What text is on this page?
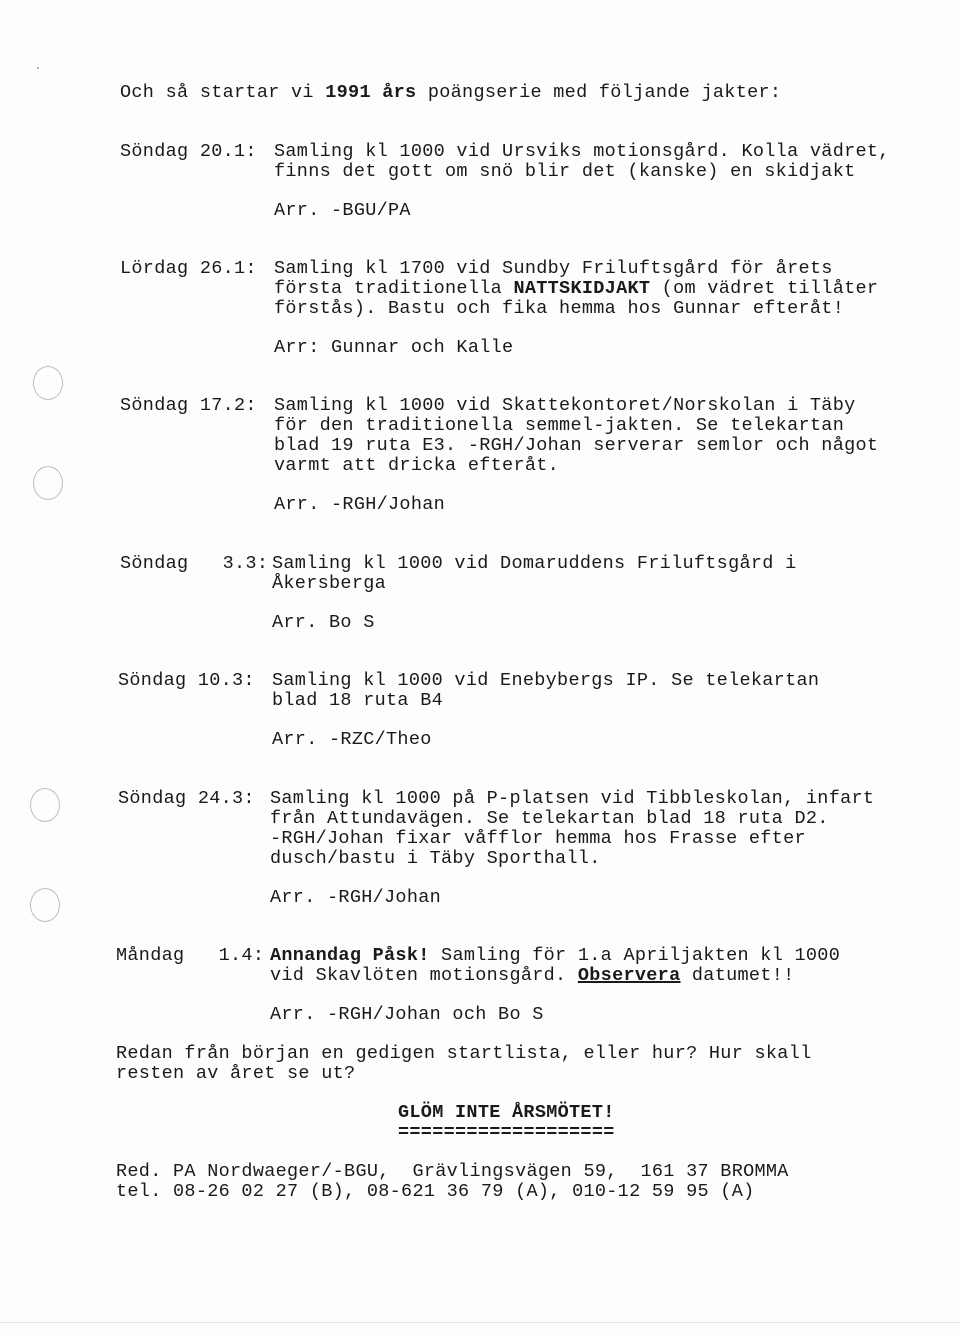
Och så startar vi 1991 års poängserie med följande jakter:
Söndag 20.1: Samling kl 1000 vid Ursviks motionsgård. Kolla vädret,
finns det gott om snö blir det (kanske) en skidjakt
Arr. -BGU/PA
Lördag 26.1: Samling kl 1700 vid Sundby Friluftsgård för årets
första traditionella NATTSKIDJAKT (om vädret tillåter
förstås). Bastu och fika hemma hos Gunnar efteråt!
Arr: Gunnar och Kalle
Söndag 17.2: Samling kl 1000 vid Skattekontoret/Norskolan i Täby
för den traditionella semmel-jakten. Se telekartan
blad 19 ruta E3. -RGH/Johan serverar semlor och något
varmt att dricka efteråt.
Arr. -RGH/Johan
Söndag   3.3: Samling kl 1000 vid Domaruddens Friluftsgård i
Åkersberga
Arr. Bo S
Söndag 10.3: Samling kl 1000 vid Enebybergs IP. Se telekartan
blad 18 ruta B4
Arr. -RZC/Theo
Söndag 24.3: Samling kl 1000 på P-platsen vid Tibbleskolan, infart
från Attundavägen. Se telekartan blad 18 ruta D2.
-RGH/Johan fixar våfflor hemma hos Frasse efter
dusch/bastu i Täby Sporthall.
Arr. -RGH/Johan
Måndag   1.4: Annandag Påsk! Samling för 1.a Apriljakten kl 1000
vid Skavlöten motionsgård. Observera datumet!!
Arr. -RGH/Johan och Bo S
Redan från början en gedigen startlista, eller hur? Hur skall
resten av året se ut?
GLÖM INTE ÅRSMÖTET!
===================
Red. PA Nordwaeger/-BGU,  Grävlingsvägen 59,  161 37 BROMMA
tel. 08-26 02 27 (B), 08-621 36 79 (A), 010-12 59 95 (A)
